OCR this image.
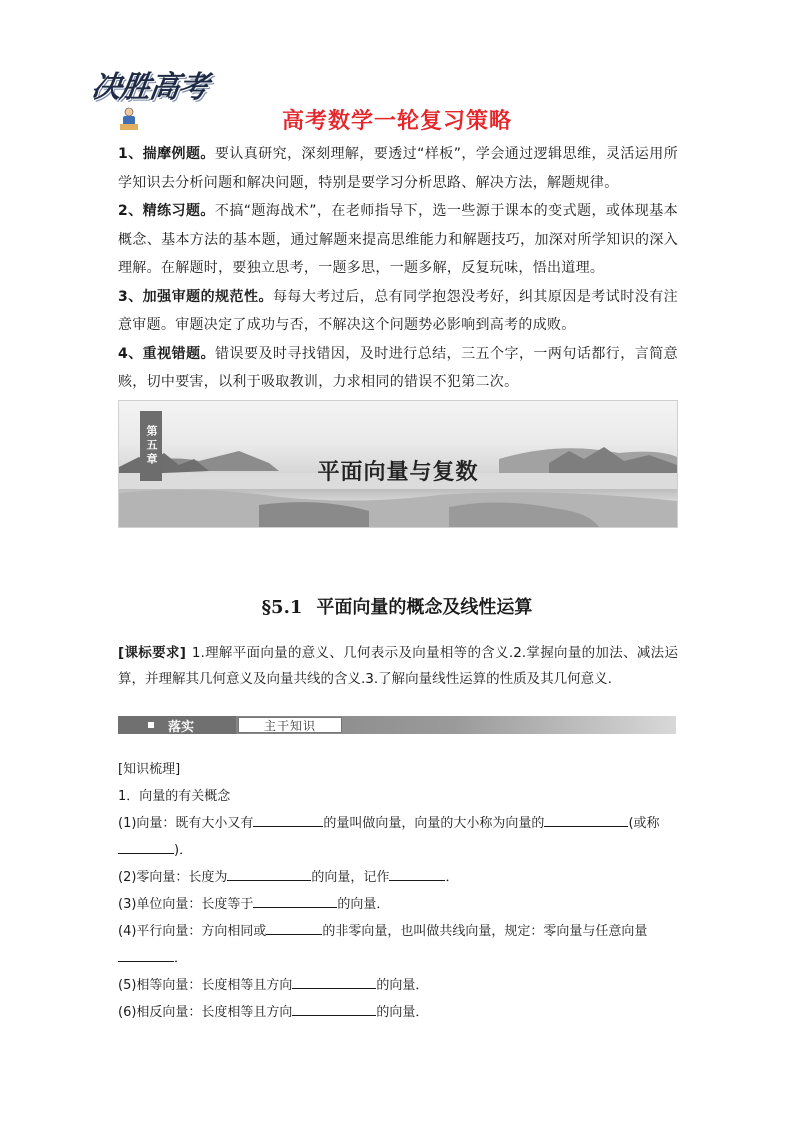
决胜高考
高考数学一轮复习策略

1、揣摩例题。要认真研究，深刻理解，要透过“样板”，学会通过逻辑思维，灵活运用所学知识去分析问题和解决问题，特别是要学习分析思路、解决方法，解题规律。

2、精练习题。不搞“题海战术”，在老师指导下，选一些源于课本的变式题，或体现基本概念、基本方法的基本题，通过解题来提高思维能力和解题技巧，加深对所学知识的深入理解。在解题时，要独立思考，一题多思，一题多解，反复玩味，悟出道理。

3、加强审题的规范性。每每大考过后，总有同学抱怨没考好，纠其原因是考试时没有注意审题。审题决定了成功与否，不解决这个问题势必影响到高考的成败。

4、重视错题。错误要及时寻找错因，及时进行总结，三五个字，一两句话都行，言简意赅，切中要害，以利于吸取教训，力求相同的错误不犯第二次。

第五章
平面向量与复数
§5.1 平面向量的概念及线性运算
[课标要求] 1.理解平面向量的意义、几何表示及向量相等的含义.2.掌握向量的加法、减法运算，并理解其几何意义及向量共线的含义.3.了解向量线性运算的性质及其几何意义.
落实	主干知识
[知识梳理]
1．向量的有关概念
(1)向量：既有大小又有	的量叫做向量，向量的大小称为向量的	(或称
)．
(2)零向量：长度为	的向量，记作	．
(3)单位向量：长度等于	的向量．
(4)平行向量：方向相同或	的非零向量，也叫做共线向量，规定：零向量与任意向量
．
(5)相等向量：长度相等且方向	的向量．
(6)相反向量：长度相等且方向	的向量．
